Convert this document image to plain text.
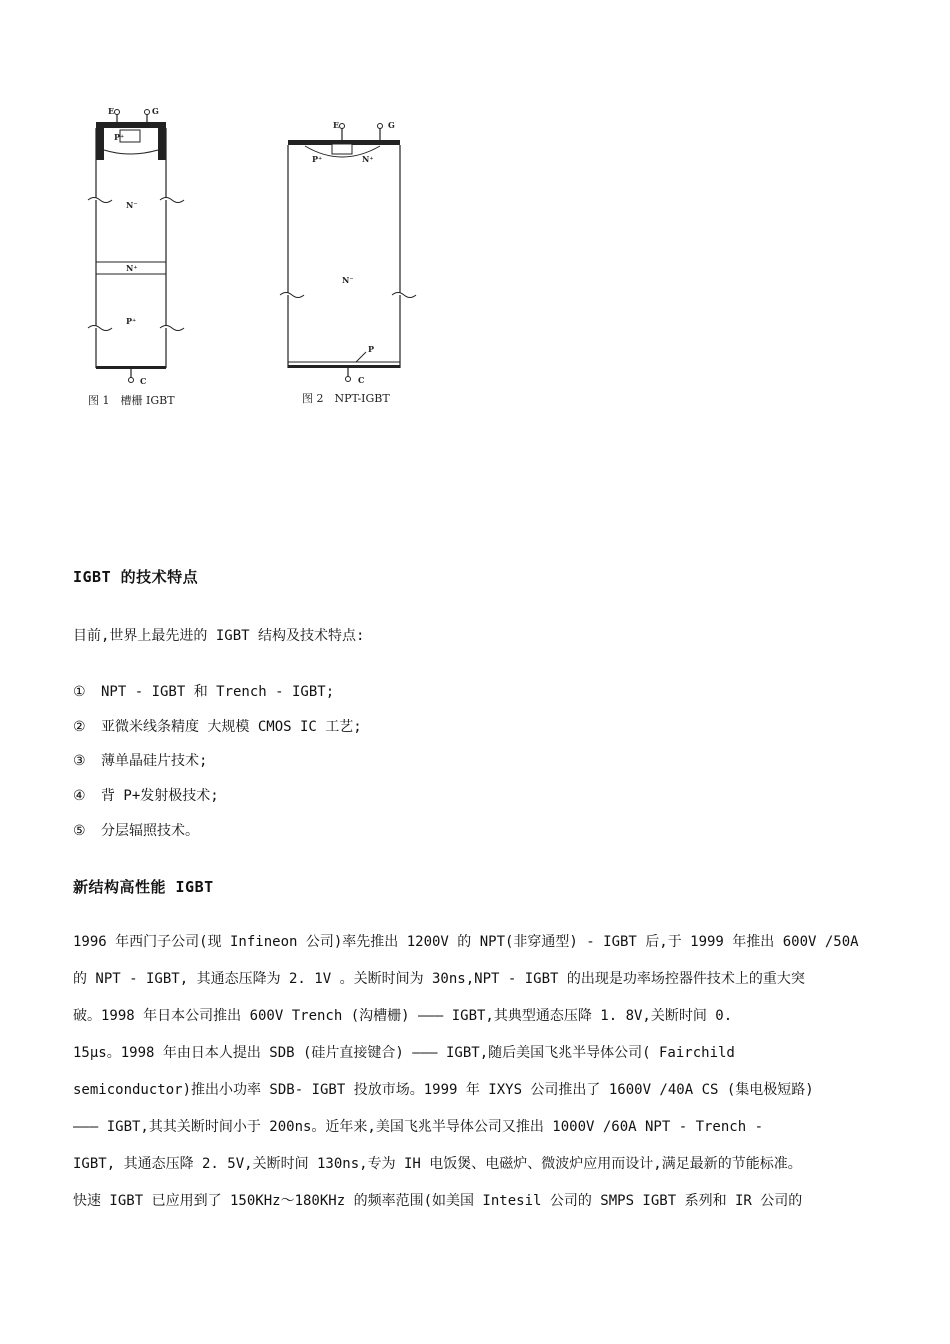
E	G
P⁺
N⁻
N⁺
P⁺
C
图 1　槽栅 IGBT
E	G
P⁺	N⁺
N⁻
P
C
图 2　NPT-IGBT
IGBT 的技术特点

目前,世界上最先进的 IGBT 结构及技术特点:

① NPT - IGBT 和 Trench - IGBT;

② 亚微米线条精度 大规模 CMOS IC 工艺;

③ 薄单晶硅片技术;

④ 背 P+发射极技术;

⑤ 分层辐照技术。

新结构高性能 IGBT
1996 年西门子公司(现 Infineon 公司)率先推出 1200V 的 NPT(非穿通型) - IGBT 后,于 1999 年推出 600V /50A
的 NPT - IGBT, 其通态压降为 2. 1V 。关断时间为 30ns,NPT - IGBT 的出现是功率场控器件技术上的重大突
破。1998 年日本公司推出 600V Trench (沟槽栅) ——— IGBT,其典型通态压降 1. 8V,关断时间 0.
15μs。1998 年由日本人提出 SDB (硅片直接键合) ——— IGBT,随后美国飞兆半导体公司( Fairchild
semiconductor)推出小功率 SDB- IGBT 投放市场。1999 年 IXYS 公司推出了 1600V /40A CS (集电极短路)
——— IGBT,其其关断时间小于 200ns。近年来,美国飞兆半导体公司又推出 1000V /60A NPT - Trench -
IGBT, 其通态压降 2. 5V,关断时间 130ns,专为 IH 电饭煲、电磁炉、微波炉应用而设计,满足最新的节能标准。
快速 IGBT 已应用到了 150KHz～180KHz 的频率范围(如美国 Intesil 公司的 SMPS IGBT 系列和 IR 公司的
